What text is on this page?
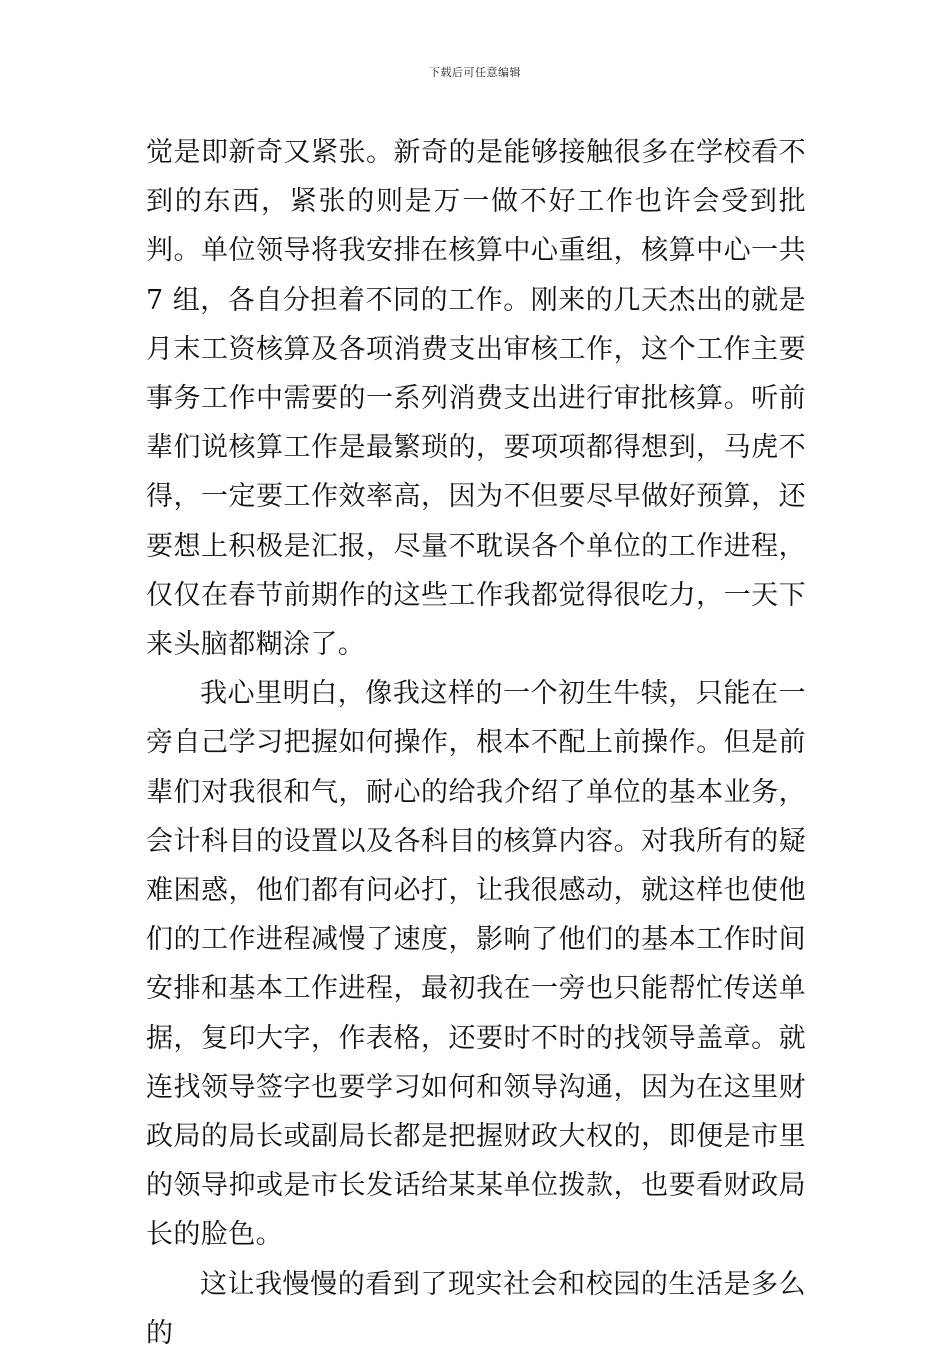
下载后可任意编辑

觉是即新奇又紧张。新奇的是能够接触很多在学校看不到的东西，紧张的则是万一做不好工作也许会受到批判。单位领导将我安排在核算中心重组，核算中心一共 7 组，各自分担着不同的工作。刚来的几天杰出的就是月末工资核算及各项消费支出审核工作，这个工作主要事务工作中需要的一系列消费支出进行审批核算。听前辈们说核算工作是最繁琐的，要项项都得想到，马虎不得，一定要工作效率高，因为不但要尽早做好预算，还要想上积极是汇报，尽量不耽误各个单位的工作进程，仅仅在春节前期作的这些工作我都觉得很吃力，一天下来头脑都糊涂了。

我心里明白，像我这样的一个初生牛犊，只能在一旁自己学习把握如何操作，根本不配上前操作。但是前辈们对我很和气，耐心的给我介绍了单位的基本业务，会计科目的设置以及各科目的核算内容。对我所有的疑难困惑，他们都有问必打，让我很感动，就这样也使他们的工作进程减慢了速度，影响了他们的基本工作时间安排和基本工作进程，最初我在一旁也只能帮忙传送单据，复印大字，作表格，还要时不时的找领导盖章。就连找领导签字也要学习如何和领导沟通，因为在这里财政局的局长或副局长都是把握财政大权的，即便是市里的领导抑或是市长发话给某某单位拨款，也要看财政局长的脸色。

这让我慢慢的看到了现实社会和校园的生活是多么的
